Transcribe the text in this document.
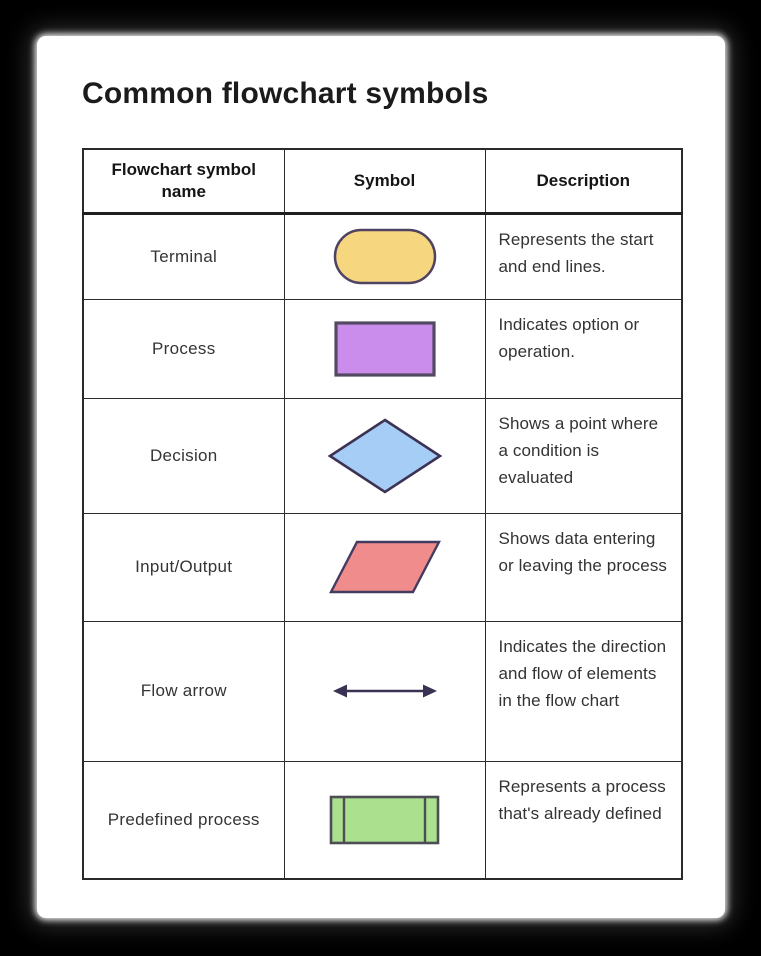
Common flowchart symbols
Flowchart symbol name	Symbol	Description
Terminal		Represents the start and end lines.
Process		Indicates option or operation.
Decision		Shows a point where a condition is evaluated
Input/Output		Shows data entering or leaving the process
Flow arrow		Indicates the direction and flow of elements in the flow chart
Predefined process		Represents a process that's already defined
